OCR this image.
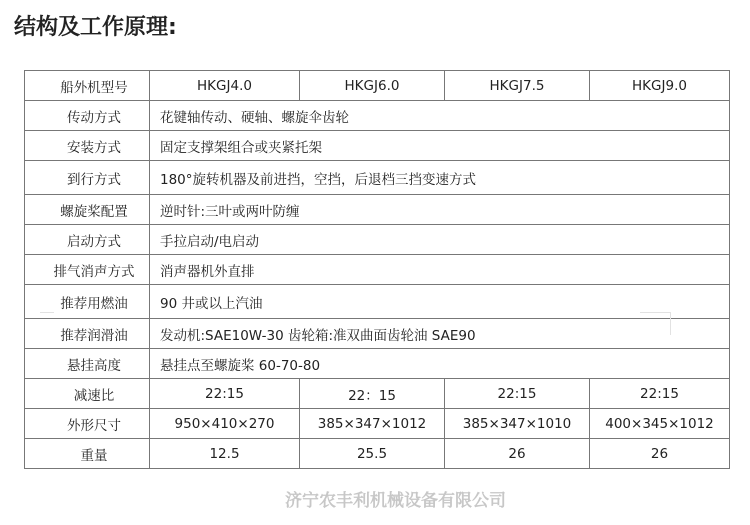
结构及工作原理:
船外机型号	HKGJ4.0	HKGJ6.0	HKGJ7.5	HKGJ9.0
传动方式	花键轴传动、硬轴、螺旋伞齿轮			
安装方式	固定支撑架组合或夹紧托架			
到行方式	180°旋转机器及前进挡，空挡，后退档三挡变速方式			
螺旋桨配置	逆时针:三叶或两叶防缠			
启动方式	手拉启动/电启动			
排气消声方式	消声器机外直排			
推荐用燃油	90 井或以上汽油			
推荐润滑油	发动机:SAE10W-30 齿轮箱:准双曲面齿轮油 SAE90			
悬挂高度	悬挂点至螺旋桨 60-70-80			
减速比	22:15	22：15	22:15	22:15
外形尺寸	950×410×270	385×347×1012	385×347×1010	400×345×1012
重量	12.5	25.5	26	26
济宁农丰利机械设备有限公司
